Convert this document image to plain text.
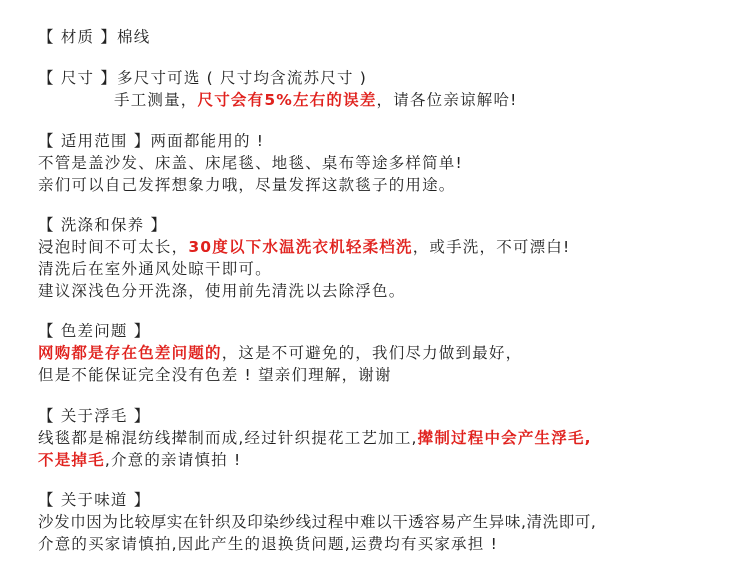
【 材质 】棉线
【 尺寸 】多尺寸可选 ( 尺寸均含流苏尺寸 )
手工测量，尺寸会有5%左右的误差，请各位亲谅解哈!
【 适用范围 】两面都能用的 !
不管是盖沙发、床盖、床尾毯、地毯、桌布等途多样简单!
亲们可以自己发挥想象力哦，尽量发挥这款毯子的用途。
【 洗涤和保养 】
浸泡时间不可太长，30度以下水温洗衣机轻柔档洗，或手洗，不可漂白!
清洗后在室外通风处晾干即可。
建议深浅色分开洗涤，使用前先清洗以去除浮色。
【 色差问题 】
网购都是存在色差问题的，这是不可避免的，我们尽力做到最好，
但是不能保证完全没有色差 ! 望亲们理解，谢谢
【 关于浮毛 】
线毯都是棉混纺线撵制而成,经过针织提花工艺加工,撵制过程中会产生浮毛,
不是掉毛,介意的亲请慎拍 !
【 关于味道 】
沙发巾因为比较厚实在针织及印染纱线过程中难以干透容易产生异味,清洗即可,
介意的买家请慎拍,因此产生的退换货问题,运费均有买家承担 !
